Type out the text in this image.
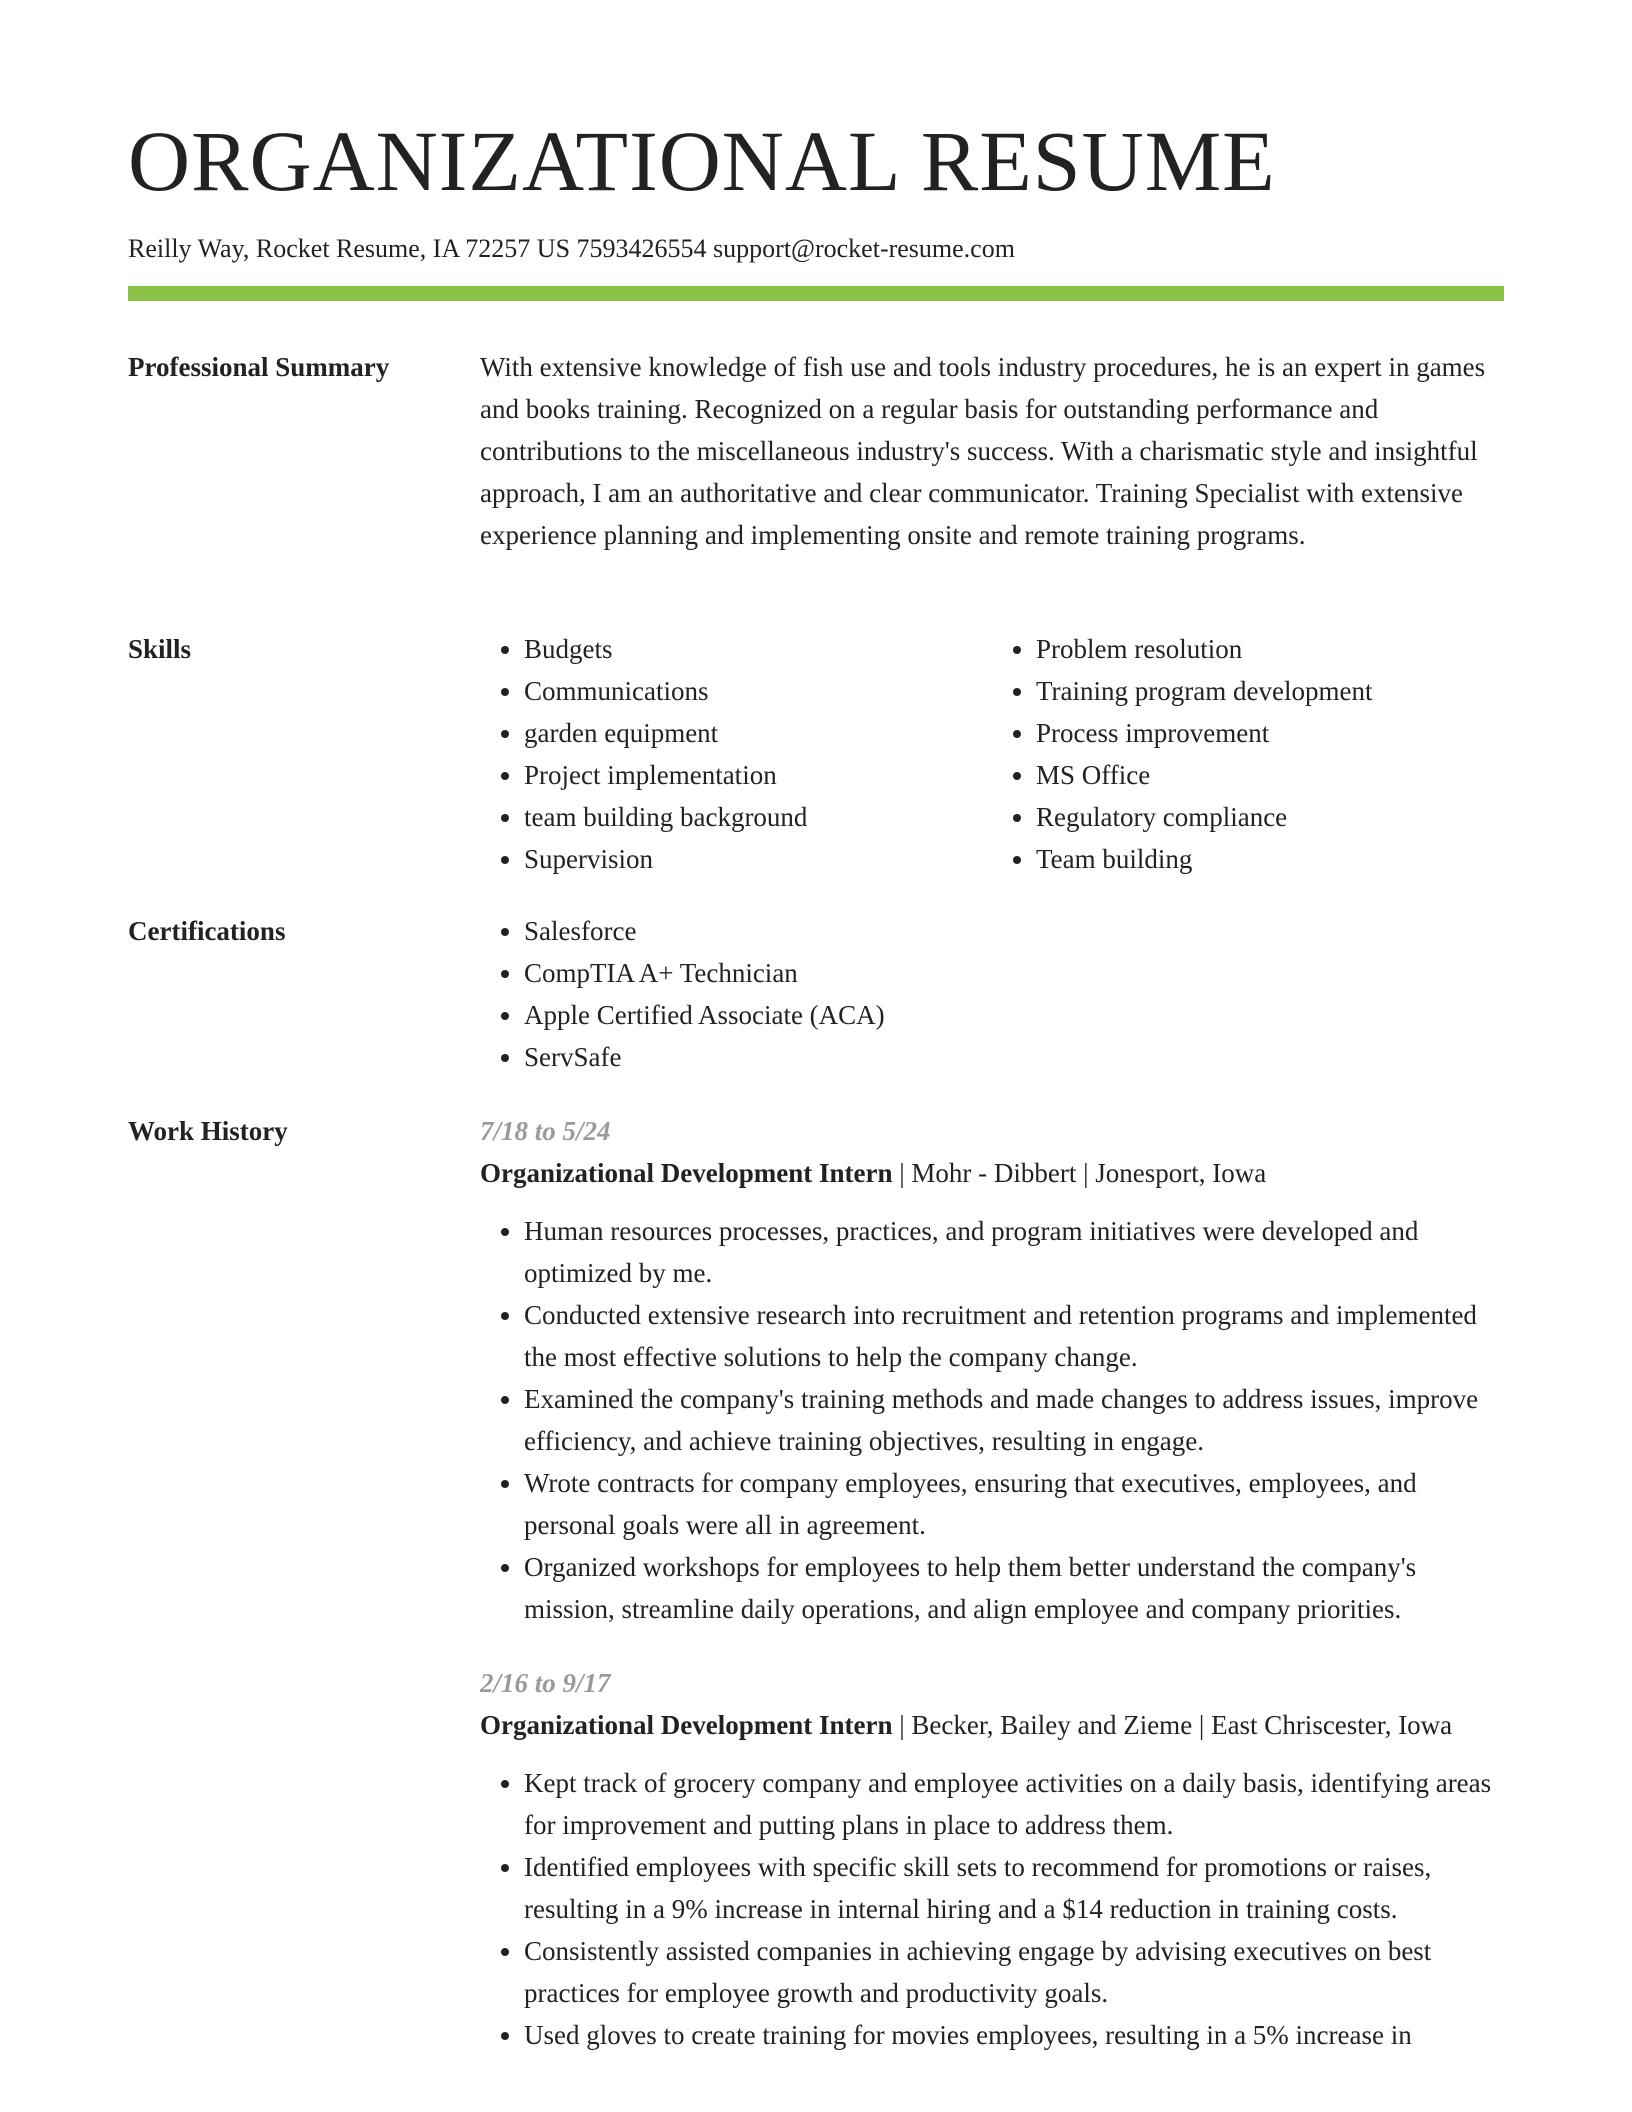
ORGANIZATIONAL RESUME
Reilly Way, Rocket Resume, IA 72257 US 7593426554 support@rocket-resume.com
Professional Summary	With extensive knowledge of fish use and tools industry procedures, he is an expert in games and books training. Recognized on a regular basis for outstanding performance and contributions to the miscellaneous industry's success. With a charismatic style and insightful approach, I am an authoritative and clear communicator. Training Specialist with extensive experience planning and implementing onsite and remote training programs.

Skills	• Budgets
• Communications
• garden equipment
• Project implementation
• team building background
• Supervision
• Problem resolution
• Training program development
• Process improvement
• MS Office
• Regulatory compliance
• Team building
Certifications	• Salesforce
• CompTIA A+ Technician
• Apple Certified Associate (ACA)
• ServSafe
Work History	7/18 to 5/24
Organizational Development Intern | Mohr - Dibbert | Jonesport, Iowa
• Human resources processes, practices, and program initiatives were developed and optimized by me.
• Conducted extensive research into recruitment and retention programs and implemented the most effective solutions to help the company change.
• Examined the company's training methods and made changes to address issues, improve efficiency, and achieve training objectives, resulting in engage.
• Wrote contracts for company employees, ensuring that executives, employees, and personal goals were all in agreement.
• Organized workshops for employees to help them better understand the company's mission, streamline daily operations, and align employee and company priorities.
2/16 to 9/17
Organizational Development Intern | Becker, Bailey and Zieme | East Chriscester, Iowa
• Kept track of grocery company and employee activities on a daily basis, identifying areas for improvement and putting plans in place to address them.
• Identified employees with specific skill sets to recommend for promotions or raises, resulting in a 9% increase in internal hiring and a $14 reduction in training costs.
• Consistently assisted companies in achieving engage by advising executives on best practices for employee growth and productivity goals.
• Used gloves to create training for movies employees, resulting in a 5% increase in
